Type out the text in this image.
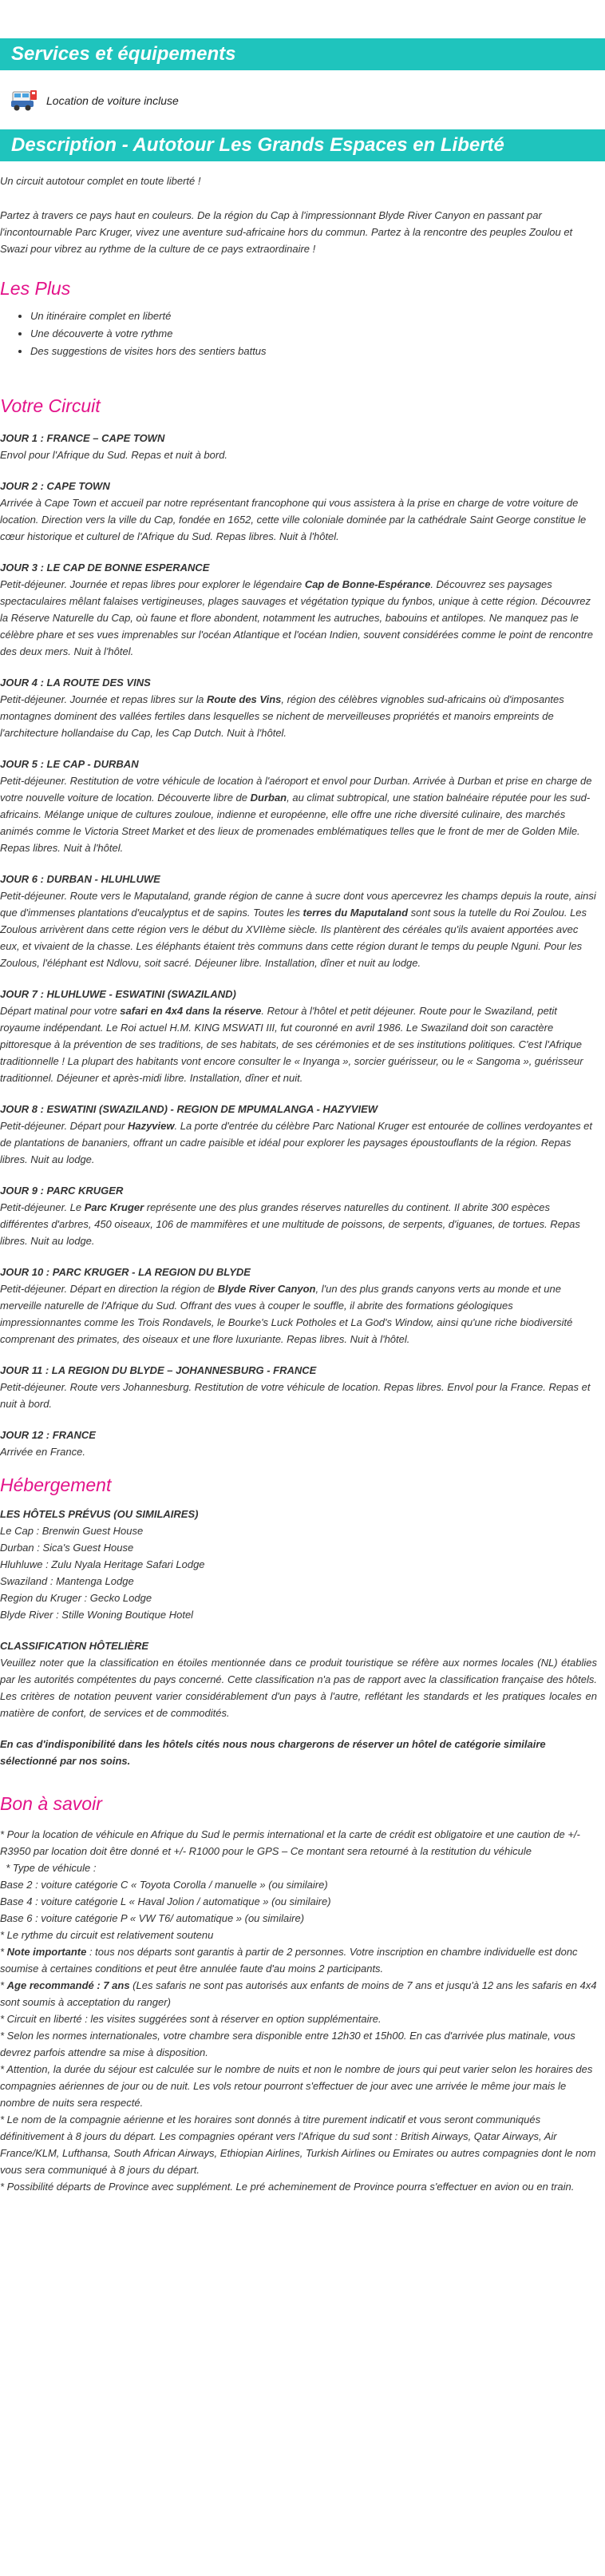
Services et équipements
Location de voiture incluse
Description - Autotour Les Grands Espaces en Liberté

Un circuit autotour complet en toute liberté !

Partez à travers ce pays haut en couleurs. De la région du Cap à l'impressionnant Blyde River Canyon en passant par l'incontournable Parc Kruger, vivez une aventure sud-africaine hors du commun. Partez à la rencontre des peuples Zoulou et Swazi pour vibrez au rythme de la culture de ce pays extraordinaire !

Les Plus
• Un itinéraire complet en liberté
• Une découverte à votre rythme
• Des suggestions de visites hors des sentiers battus
Votre Circuit

JOUR 1 : FRANCE – CAPE TOWN

Envol pour l'Afrique du Sud. Repas et nuit à bord.

JOUR 2 : CAPE TOWN

Arrivée à Cape Town et accueil par notre représentant francophone qui vous assistera à la prise en charge de votre voiture de location. Direction vers la ville du Cap, fondée en 1652, cette ville coloniale dominée par la cathédrale Saint George constitue le cœur historique et culturel de l'Afrique du Sud. Repas libres. Nuit à l'hôtel.

JOUR 3 : LE CAP DE BONNE ESPERANCE

Petit-déjeuner. Journée et repas libres pour explorer le légendaire Cap de Bonne-Espérance. Découvrez ses paysages spectaculaires mêlant falaises vertigineuses, plages sauvages et végétation typique du fynbos, unique à cette région. Découvrez la Réserve Naturelle du Cap, où faune et flore abondent, notamment les autruches, babouins et antilopes. Ne manquez pas le célèbre phare et ses vues imprenables sur l'océan Atlantique et l'océan Indien, souvent considérées comme le point de rencontre des deux mers. Nuit à l'hôtel.

JOUR 4 : LA ROUTE DES VINS

Petit-déjeuner. Journée et repas libres sur la Route des Vins, région des célèbres vignobles sud-africains où d'imposantes montagnes dominent des vallées fertiles dans lesquelles se nichent de merveilleuses propriétés et manoirs empreints de l'architecture hollandaise du Cap, les Cap Dutch. Nuit à l'hôtel.

JOUR 5 : LE CAP - DURBAN

Petit-déjeuner. Restitution de votre véhicule de location à l'aéroport et envol pour Durban. Arrivée à Durban et prise en charge de votre nouvelle voiture de location. Découverte libre de Durban, au climat subtropical, une station balnéaire réputée pour les sud-africains. Mélange unique de cultures zouloue, indienne et européenne, elle offre une riche diversité culinaire, des marchés animés comme le Victoria Street Market et des lieux de promenades emblématiques telles que le front de mer de Golden Mile. Repas libres. Nuit à l'hôtel.

JOUR 6 : DURBAN - HLUHLUWE

Petit-déjeuner. Route vers le Maputaland, grande région de canne à sucre dont vous apercevrez les champs depuis la route, ainsi que d'immenses plantations d'eucalyptus et de sapins. Toutes les terres du Maputaland sont sous la tutelle du Roi Zoulou. Les Zoulous arrivèrent dans cette région vers le début du XVIIème siècle. Ils plantèrent des céréales qu'ils avaient apportées avec eux, et vivaient de la chasse. Les éléphants étaient très communs dans cette région durant le temps du peuple Nguni. Pour les Zoulous, l'éléphant est Ndlovu, soit sacré. Déjeuner libre. Installation, dîner et nuit au lodge.

JOUR 7 : HLUHLUWE - ESWATINI (SWAZILAND)

Départ matinal pour votre safari en 4x4 dans la réserve. Retour à l'hôtel et petit déjeuner. Route pour le Swaziland, petit royaume indépendant. Le Roi actuel H.M. KING MSWATI III, fut couronné en avril 1986. Le Swaziland doit son caractère pittoresque à la prévention de ses traditions, de ses habitats, de ses cérémonies et de ses institutions politiques. C'est l'Afrique traditionnelle ! La plupart des habitants vont encore consulter le « Inyanga », sorcier guérisseur, ou le « Sangoma », guérisseur traditionnel. Déjeuner et après-midi libre. Installation, dîner et nuit.

JOUR 8 : ESWATINI (SWAZILAND) - REGION DE MPUMALANGA - HAZYVIEW

Petit-déjeuner. Départ pour Hazyview. La porte d'entrée du célèbre Parc National Kruger est entourée de collines verdoyantes et de plantations de bananiers, offrant un cadre paisible et idéal pour explorer les paysages époustouflants de la région. Repas libres. Nuit au lodge.

JOUR 9 : PARC KRUGER

Petit-déjeuner. Le Parc Kruger représente une des plus grandes réserves naturelles du continent. Il abrite 300 espèces différentes d'arbres, 450 oiseaux, 106 de mammifères et une multitude de poissons, de serpents, d'iguanes, de tortues. Repas libres. Nuit au lodge.

JOUR 10 : PARC KRUGER - LA REGION DU BLYDE

Petit-déjeuner. Départ en direction la région de Blyde River Canyon, l'un des plus grands canyons verts au monde et une merveille naturelle de l'Afrique du Sud. Offrant des vues à couper le souffle, il abrite des formations géologiques impressionnantes comme les Trois Rondavels, le Bourke's Luck Potholes et La God's Window, ainsi qu'une riche biodiversité comprenant des primates, des oiseaux et une flore luxuriante. Repas libres. Nuit à l'hôtel.

JOUR 11 : LA REGION DU BLYDE – JOHANNESBURG - FRANCE

Petit-déjeuner. Route vers Johannesburg. Restitution de votre véhicule de location. Repas libres. Envol pour la France. Repas et nuit à bord.

JOUR 12 : FRANCE

Arrivée en France.

Hébergement

LES HÔTELS PRÉVUS (OU SIMILAIRES)

Le Cap : Brenwin Guest House

Durban : Sica's Guest House

Hluhluwe : Zulu Nyala Heritage Safari Lodge

Swaziland : Mantenga Lodge

Region du Kruger : Gecko Lodge

Blyde River : Stille Woning Boutique Hotel

CLASSIFICATION HÔTELIÈRE

Veuillez noter que la classification en étoiles mentionnée dans ce produit touristique se réfère aux normes locales (NL) établies par les autorités compétentes du pays concerné. Cette classification n'a pas de rapport avec la classification française des hôtels. Les critères de notation peuvent varier considérablement d'un pays à l'autre, reflétant les standards et les pratiques locales en matière de confort, de services et de commodités.

En cas d'indisponibilité dans les hôtels cités nous nous chargerons de réserver un hôtel de catégorie similaire sélectionné par nos soins.

Bon à savoir

* Pour la location de véhicule en Afrique du Sud le permis international et la carte de crédit est obligatoire et une caution de +/- R3950 par location doit être donné et +/- R1000 pour le GPS – Ce montant sera retourné à la restitution du véhicule

* Type de véhicule :

Base 2 : voiture catégorie C « Toyota Corolla / manuelle » (ou similaire)

Base 4 : voiture catégorie L « Haval Jolion / automatique » (ou similaire)

Base 6 : voiture catégorie P « VW T6/ automatique » (ou similaire)

* Le rythme du circuit est relativement soutenu

* Note importante : tous nos départs sont garantis à partir de 2 personnes. Votre inscription en chambre individuelle est donc soumise à certaines conditions et peut être annulée faute d'au moins 2 participants.

* Age recommandé : 7 ans (Les safaris ne sont pas autorisés aux enfants de moins de 7 ans et jusqu'à 12 ans les safaris en 4x4 sont soumis à acceptation du ranger)

* Circuit en liberté : les visites suggérées sont à réserver en option supplémentaire.

* Selon les normes internationales, votre chambre sera disponible entre 12h30 et 15h00. En cas d'arrivée plus matinale, vous devrez parfois attendre sa mise à disposition.

* Attention, la durée du séjour est calculée sur le nombre de nuits et non le nombre de jours qui peut varier selon les horaires des compagnies aériennes de jour ou de nuit. Les vols retour pourront s'effectuer de jour avec une arrivée le même jour mais le nombre de nuits sera respecté.

* Le nom de la compagnie aérienne et les horaires sont donnés à titre purement indicatif et vous seront communiqués définitivement à 8 jours du départ. Les compagnies opérant vers l'Afrique du sud sont : British Airways, Qatar Airways, Air France/KLM, Lufthansa, South African Airways, Ethiopian Airlines, Turkish Airlines ou Emirates ou autres compagnies dont le nom vous sera communiqué à 8 jours du départ.

* Possibilité départs de Province avec supplément. Le pré acheminement de Province pourra s'effectuer en avion ou en train.
